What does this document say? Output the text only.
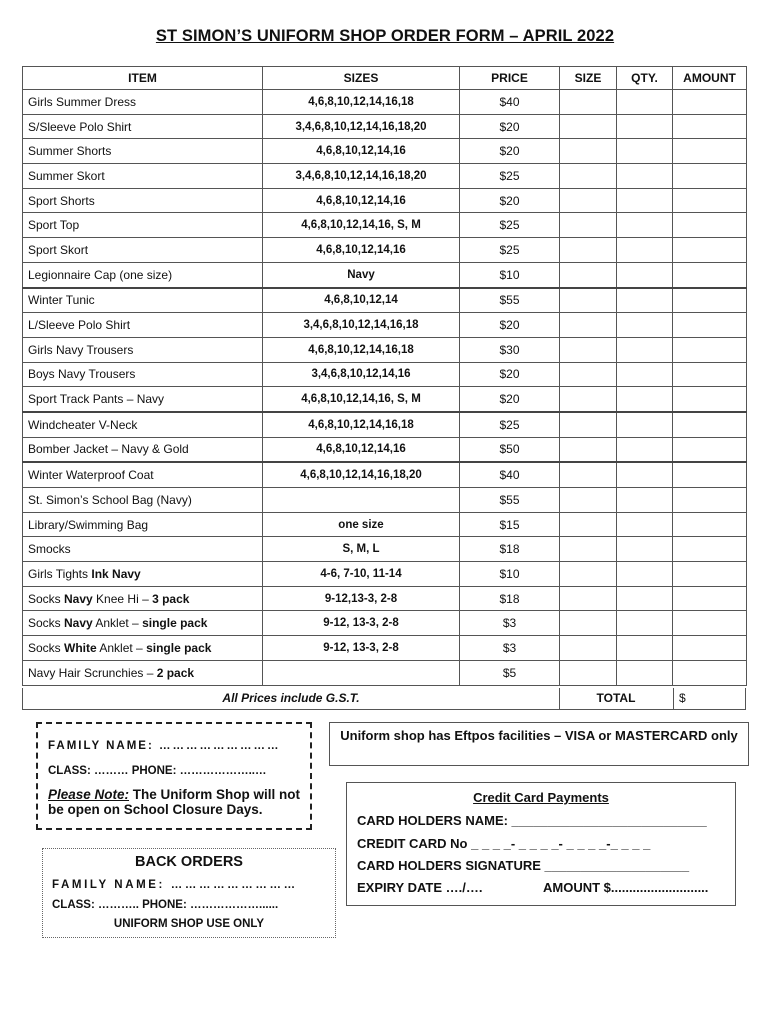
ST SIMON’S UNIFORM SHOP ORDER FORM – APRIL 2022
ITEM	SIZES	PRICE	SIZE	QTY.	AMOUNT
Girls Summer Dress	4,6,8,10,12,14,16,18	$40			
S/Sleeve Polo Shirt	3,4,6,8,10,12,14,16,18,20	$20			
Summer Shorts	4,6,8,10,12,14,16	$20			
Summer Skort	3,4,6,8,10,12,14,16,18,20	$25			
Sport Shorts	4,6,8,10,12,14,16	$20			
Sport Top	4,6,8,10,12,14,16, S, M	$25			
Sport Skort	4,6,8,10,12,14,16	$25			
Legionnaire Cap (one size)	Navy	$10			
Winter Tunic	4,6,8,10,12,14	$55			
L/Sleeve Polo Shirt	3,4,6,8,10,12,14,16,18	$20			
Girls Navy Trousers	4,6,8,10,12,14,16,18	$30			
Boys Navy Trousers	3,4,6,8,10,12,14,16	$20			
Sport Track Pants – Navy	4,6,8,10,12,14,16, S, M	$20			
Windcheater V-Neck	4,6,8,10,12,14,16,18	$25			
Bomber Jacket – Navy & Gold	4,6,8,10,12,14,16	$50			
Winter Waterproof Coat	4,6,8,10,12,14,16,18,20	$40			
St. Simon’s School Bag (Navy)		$55			
Library/Swimming Bag	one size	$15			
Smocks	S, M, L	$18			
Girls Tights Ink Navy	4-6, 7-10, 11-14	$10			
Socks Navy Knee Hi – 3 pack	9-12,13-3, 2-8	$18			
Socks Navy Anklet – single pack	9-12, 13-3, 2-8	$3			
Socks White Anklet – single pack	9-12, 13-3, 2-8	$3			
Navy Hair Scrunchies – 2 pack		$5			
All Prices include G.S.T.	TOTAL	$
FAMILY NAME: ………………………
CLASS: ……… PHONE: ………………..…
Please Note: The Uniform Shop will not be open on School Closure Days.
Uniform shop has Eftpos facilities – VISA or MASTERCARD only
Credit Card Payments
CARD HOLDERS NAME: ___________________________
CREDIT CARD No _ _ _ _- _ _ _ _- _ _ _ _-_ _ _ _
CARD HOLDERS SIGNATURE ____________________
EXPIRY DATE …./….	AMOUNT $...........................
BACK ORDERS
FAMILY NAME: ………………………
CLASS: ……….. PHONE: ………………......
UNIFORM SHOP USE ONLY
